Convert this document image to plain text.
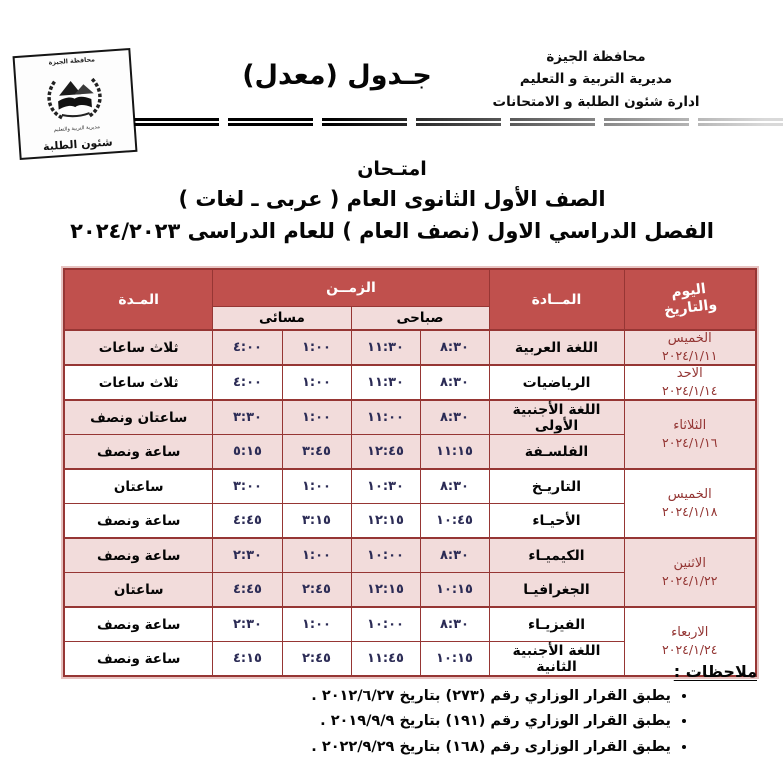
محافظة الجيزة
مديرية التربية والتعليم
شئون الطلبة
جـدول (معدل)
محافظة الجيزة
مديرية التربية و التعليم
ادارة شئون الطلبة و الامتحانات
امتـحان
الصف الأول الثانوى العام ( عربى ـ لغات )
الفصل الدراسي الاول (نصف العام ) للعام الدراسى ٢٠٢٤/٢٠٢٣
اليوم
والتاريخ	المــادة	الزمــن				المـدة
		صباحى		مسائى		

الخميس
٢٠٢٤/١/١١	اللغة العربية	٨:٣٠	١١:٣٠	١:٠٠	٤:٠٠	ثلاث ساعات

الاحد
٢٠٢٤/١/١٤	الرياضيات	٨:٣٠	١١:٣٠	١:٠٠	٤:٠٠	ثلاث ساعات

الثلاثاء
٢٠٢٤/١/١٦	اللغة الأجنبية الأولى	٨:٣٠	١١:٠٠	١:٠٠	٣:٣٠	ساعتان ونصف
	الفلسـفة	١١:١٥	١٢:٤٥	٣:٤٥	٥:١٥	ساعة ونصف

الخميس
٢٠٢٤/١/١٨	التاريـخ	٨:٣٠	١٠:٣٠	١:٠٠	٣:٠٠	ساعتان
	الأحيـاء	١٠:٤٥	١٢:١٥	٣:١٥	٤:٤٥	ساعة ونصف

الاثنين
٢٠٢٤/١/٢٢	الكيميـاء	٨:٣٠	١٠:٠٠	١:٠٠	٢:٣٠	ساعة ونصف
	الجغرافيـا	١٠:١٥	١٢:١٥	٢:٤٥	٤:٤٥	ساعتان

الاربعاء
٢٠٢٤/١/٢٤	الفيزيـاء	٨:٣٠	١٠:٠٠	١:٠٠	٢:٣٠	ساعة ونصف
	اللغة الأجنبية الثانية	١٠:١٥	١١:٤٥	٢:٤٥	٤:١٥	ساعة ونصف
ملاحظات :
• يطبق القرار الوزاري رقم (٢٧٣) بتاريخ ٢٠١٢/٦/٢٧ .
• يطبق القرار الوزاري رقم (١٩١) بتاريخ ٢٠١٩/٩/٩ .
• يطبق القرار الوزارى رقم (١٦٨) بتاريخ ٢٠٢٢/٩/٢٩ .
